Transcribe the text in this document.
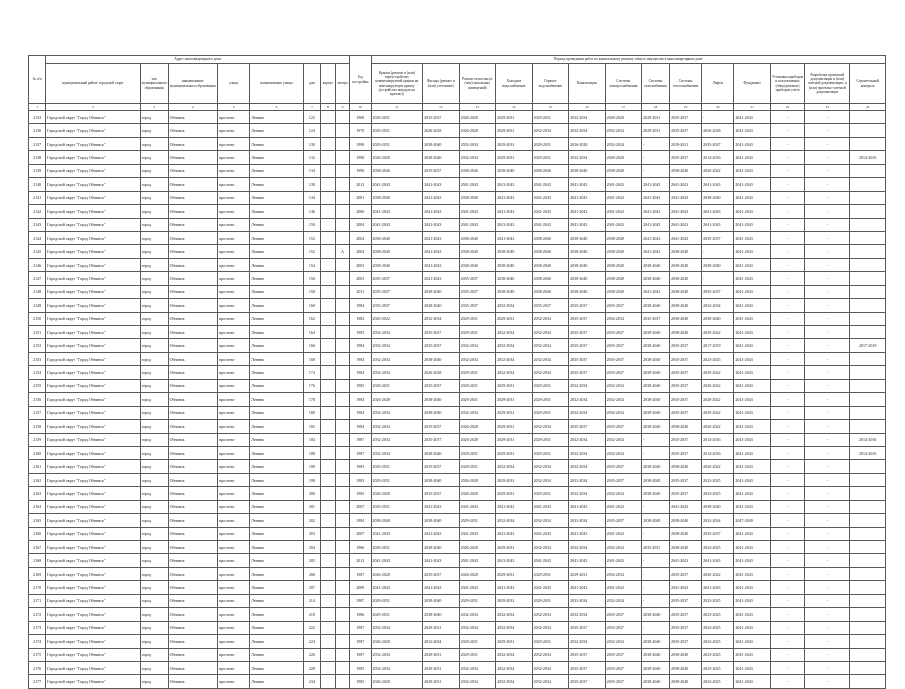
№ п/п	Адрес многоквартирного дома								Год постройки	Период проведения работ по капитальному ремонту общего имущества в многоквартирном доме													
	муниципальный район/ городской округ	тип муниципального образования	наименование муниципального образования	улица	наименование улицы	дом	корпус	литера		Крыши (ремонт и (или) переустройство невентилируемой крыши на вентилируемую крышу (устройство выходов на кровлю))	Фасады (ремонт и (или) утепление)	Ремонт отмостки (и (или) цокольных помещений)	Холодное водоснабжение	Горячее водоснабжение	Канализация	Системы электроснабжения	Системы газоснабжения	Системы теплоснабжения	Лифты	Фундамент	Установка приборов и коллективных (общедомовых) приборов учета	Разработка проектной документации и (или) сметной документации, и (или) проектно-сметной документации	Строительный контроль
1	2	3	4	5	6	7	8	9	10	11	12	13	14	15	16	17	18	19	20	21	22	23	24
2133	Городской округ "Город Обнинск"	город	Обнинск	проспект	Ленина	122			1968	2029-2031	2035-2037	2026-2028	2029-2031	2029-2031	2032-2034	2026-2028	2029-2031	2035-2037	-	2041-2043	-	-	
2136	Городской округ "Город Обнинск"	город	Обнинск	проспект	Ленина	124			1970	2029-2031	2026-2028	2026-2028	2029-2031	2032-2034	2032-2034	2032-2034	2029-2031	2035-2037	2026-2028	2041-2043	-	-	
2137	Городской округ "Город Обнинск"	город	Обнинск	проспект	Ленина	130			1990	2029-2031	2038-2040	2032-2034	2029-2031	2029-2031	2026-2028	2032-2034	-	2029-2031	2035-2037	2041-2043	-	-	
2138	Городской округ "Город Обнинск"	город	Обнинск	проспект	Ленина	132			1990	2026-2028	2038-2040	2032-2034	2029-2031	2029-2031	2032-2034	2026-2028	-	2035-2037	2014-2016	2041-2043	-	-	2014-2016
2139	Городской округ "Город Обнинск"	город	Обнинск	проспект	Ленина	134			1990	2038-2040	2035-2037	2038-2040	2038-2040	2038-2040	2038-2040	2038-2040	-	2038-2040	2020-2022	2041-2043	-	-	
2140	Городской округ "Город Обнинск"	город	Обнинск	проспект	Ленина	138			2012	2041-2043	2041-2043	2041-2043	2041-2043	2041-2043	2041-2043	2041-2043	2041-2043	2041-2043	2041-2043	2041-2043	-	-	
2141	Городской округ "Город Обнинск"	город	Обнинск	проспект	Ленина	144			2001	2038-2040	2041-2043	2038-2040	2041-2043	2041-2043	2041-2043	2041-2043	2041-2043	2041-2043	2038-2040	2041-2043	-	-	
2142	Городской округ "Город Обнинск"	город	Обнинск	проспект	Ленина	146			2006	2041-2043	2041-2043	2041-2043	2041-2043	2041-2043	2041-2043	2041-2043	2041-2043	2041-2043	2041-2043	2041-2043	-	-	
2143	Городской округ "Город Обнинск"	город	Обнинск	проспект	Ленина	150			2004	2041-2043	2041-2043	2041-2043	2041-2043	2041-2043	2041-2043	2041-2043	2041-2043	2041-2043	2041-2043	2041-2043	-	-	
2144	Городской округ "Город Обнинск"	город	Обнинск	проспект	Ленина	152			2004	2038-2040	2041-2043	2038-2040	2041-2043	2038-2040	2038-2040	2038-2040	2041-2043	2041-2043	2035-2037	2041-2043	-	-	
2145	Городской округ "Город Обнинск"	город	Обнинск	проспект	Ленина	152		А	2004	2038-2040	2041-2043	2038-2040	2038-2040	2038-2040	2038-2040	2038-2040	2041-2043	2038-2040	-	2041-2043	-	-	
2146	Городской округ "Город Обнинск"	город	Обнинск	проспект	Ленина	154			2003	2038-2040	2041-2043	2038-2040	2038-2040	2038-2040	2038-2040	2038-2040	2038-2040	2038-2040	2038-2040	2041-2043	-	-	
2147	Городской округ "Город Обнинск"	город	Обнинск	проспект	Ленина	156			2003	2035-2037	2041-2043	2035-2037	2038-2040	2038-2040	2038-2040	2038-2040	2038-2040	2038-2040	-	2041-2043	-	-	
2148	Городской округ "Город Обнинск"	город	Обнинск	проспект	Ленина	158			2011	2035-2037	2038-2040	2035-2037	2038-2040	2038-2040	2038-2040	2038-2040	2041-2043	2038-2040	2035-2037	2041-2043	-	-	
2149	Городской округ "Город Обнинск"	город	Обнинск	проспект	Ленина	160			1984	2035-2037	2038-2040	2035-2037	2032-2034	2035-2037	2035-2037	2035-2037	2038-2040	2038-2040	2032-2034	2041-2043	-	-	
2150	Городской округ "Город Обнинск"	город	Обнинск	проспект	Ленина	162			1982	2020-2022	2032-2034	2029-2031	2029-2031	2032-2034	2035-2037	2032-2034	2035-2037	2038-2040	2038-2040	2041-2043	-	-	
2151	Городской округ "Город Обнинск"	город	Обнинск	проспект	Ленина	164			1983	2032-2034	2035-2037	2029-2031	2032-2034	2032-2034	2035-2037	2035-2037	2038-2040	2038-2040	2020-2022	2041-2043	-	-	
2152	Городской округ "Город Обнинск"	город	Обнинск	проспект	Ленина	166			1984	2032-2034	2035-2037	2032-2034	2032-2034	2032-2034	2035-2037	2035-2037	2038-2040	2035-2037	2017-2019	2041-2043	-	-	2017-2019
2153	Городской округ "Город Обнинск"	город	Обнинск	проспект	Ленина	168			1984	2032-2034	2038-2040	2032-2034	2032-2034	2032-2034	2035-2037	2035-2037	2038-2040	2035-2037	2023-2025	2041-2043	-	-	
2154	Городской округ "Город Обнинск"	город	Обнинск	проспект	Ленина	174			1984	2032-2034	2026-2028	2029-2031	2032-2034	2032-2034	2035-2037	2035-2037	2038-2040	2035-2037	2020-2022	2041-2043	-	-	
2155	Городской округ "Город Обнинск"	город	Обнинск	проспект	Ленина	176			1985	2029-2031	2035-2037	2029-2031	2029-2031	2029-2031	2032-2034	2032-2034	2038-2040	2035-2037	2020-2022	2041-2043	-	-	
2156	Городской округ "Город Обнинск"	город	Обнинск	проспект	Ленина	178			1984	2026-2028	2038-2040	2029-2031	2029-2031	2029-2031	2032-2034	2032-2034	2038-2040	2035-2037	2020-2022	2041-2043	-	-	
2157	Городской округ "Город Обнинск"	город	Обнинск	проспект	Ленина	180			1984	2032-2034	2038-2040	2032-2034	2029-2031	2029-2031	2032-2034	2032-2034	2038-2040	2035-2037	2020-2022	2041-2043	-	-	
2158	Городской округ "Город Обнинск"	город	Обнинск	проспект	Ленина	182			1984	2032-2034	2035-2037	2026-2028	2029-2031	2032-2034	2035-2037	2035-2037	2038-2040	2038-2040	2020-2022	2041-2043	-	-	
2159	Городской округ "Город Обнинск"	город	Обнинск	проспект	Ленина	184			1987	2032-2034	2035-2037	2026-2028	2029-2031	2029-2031	2032-2034	2032-2034	-	2035-2037	2014-2016	2041-2043	-	-	2014-2016
2160	Городской округ "Город Обнинск"	город	Обнинск	проспект	Ленина	188			1987	2032-2034	2038-2040	2029-2031	2029-2031	2029-2031	2032-2034	2032-2034	-	2035-2037	2014-2016	2041-2043	-	-	2014-2016
2161	Городской округ "Город Обнинск"	город	Обнинск	проспект	Ленина	190			1983	2029-2031	2035-2037	2029-2031	2032-2034	2032-2034	2032-2034	2035-2037	2038-2040	2038-2040	2020-2022	2041-2043	-	-	
2162	Городской округ "Город Обнинск"	город	Обнинск	проспект	Ленина	198			1983	2029-2031	2038-2040	2026-2028	2029-2031	2032-2034	2032-2034	2035-2037	2038-2040	2035-2037	2023-2025	2041-2043	-	-	
2163	Городской округ "Город Обнинск"	город	Обнинск	проспект	Ленина	200			1985	2026-2028	2035-2037	2026-2028	2029-2031	2029-2031	2032-2034	2032-2034	2038-2040	2035-2037	2023-2025	2041-2043	-	-	
2164	Городской округ "Город Обнинск"	город	Обнинск	проспект	Ленина	201			2007	2029-2031	2041-2043	2041-2043	2041-2043	2041-2043	2041-2043	2041-2043	-	2041-2043	2038-2040	2041-2043	-	-	
2165	Городской округ "Город Обнинск"	город	Обнинск	проспект	Ленина	202			1984	2038-2040	2038-2040	2029-2031	2032-2034	2032-2034	2032-2034	2035-2037	2038-2040	2038-2040	2032-2034	2047-2049	-	-	
2166	Городской округ "Город Обнинск"	город	Обнинск	проспект	Ленина	203			2007	2041-2043	2041-2043	2041-2043	2041-2043	2041-2043	2041-2043	2041-2043	-	2038-2040	2035-2037	2041-2043	-	-	
2167	Городской округ "Город Обнинск"	город	Обнинск	проспект	Ленина	204			1986	2029-2031	2038-2040	2026-2028	2029-2031	2032-2034	2032-2034	2032-2034	2035-2037	2038-2040	2023-2025	2041-2043	-	-	
2168	Городской округ "Город Обнинск"	город	Обнинск	проспект	Ленина	205			2012	2041-2043	2041-2043	2041-2043	2041-2043	2041-2043	2041-2043	2041-2043	-	2041-2043	2041-2043	2041-2043	-	-	
2169	Городской округ "Город Обнинск"	город	Обнинск	проспект	Ленина	206			1987	2026-2028	2035-2037	2026-2028	2029-2031	2029-2031	2029-2031	2032-2034	-	2035-2037	2020-2022	2041-2043	-	-	
2170	Городской округ "Город Обнинск"	город	Обнинск	проспект	Ленина	207			2009	2041-2043	2041-2043	2041-2043	2041-2043	2041-2043	2041-2043	2041-2043	-	2041-2043	2041-2043	2041-2043	-	-	
2171	Городской округ "Город Обнинск"	город	Обнинск	проспект	Ленина	214			1987	2029-2031	2038-2040	2029-2031	2029-2031	2029-2031	2032-2034	2032-2034	-	2035-2037	2023-2025	2041-2043	-	-	
2172	Городской округ "Город Обнинск"	город	Обнинск	проспект	Ленина	218			1986	2029-2031	2038-2040	2032-2034	2032-2034	2032-2034	2032-2034	2035-2037	2038-2040	2035-2037	2023-2025	2041-2043	-	-	
2173	Городской округ "Город Обнинск"	город	Обнинск	проспект	Ленина	222			1987	2032-2034	2029-2031	2032-2034	2032-2034	2032-2034	2035-2037	2035-2037	-	2035-2037	2023-2025	2041-2043	-	-	
2174	Городской округ "Город Обнинск"	город	Обнинск	проспект	Ленина	224			1987	2026-2028	2032-2034	2029-2031	2029-2031	2029-2031	2032-2034	2032-2034	2038-2040	2035-2037	2023-2025	2041-2043	-	-	
2175	Городской округ "Город Обнинск"	город	Обнинск	проспект	Ленина	226			1987	2032-2034	2029-2031	2029-2031	2032-2034	2032-2034	2035-2037	2035-2037	2038-2040	2038-2040	2023-2025	2041-2043	-	-	
2176	Городской округ "Город Обнинск"	город	Обнинск	проспект	Ленина	228			1985	2032-2034	2029-2031	2032-2034	2032-2034	2032-2034	2035-2037	2035-2037	2038-2040	2038-2040	2023-2025	2041-2043	-	-	
2177	Городской округ "Город Обнинск"	город	Обнинск	проспект	Ленина	234			1985	2026-2028	2029-2031	2032-2034	2032-2034	2032-2034	2035-2037	2035-2037	2038-2040	2038-2040	2023-2025	2041-2043	-	-	
